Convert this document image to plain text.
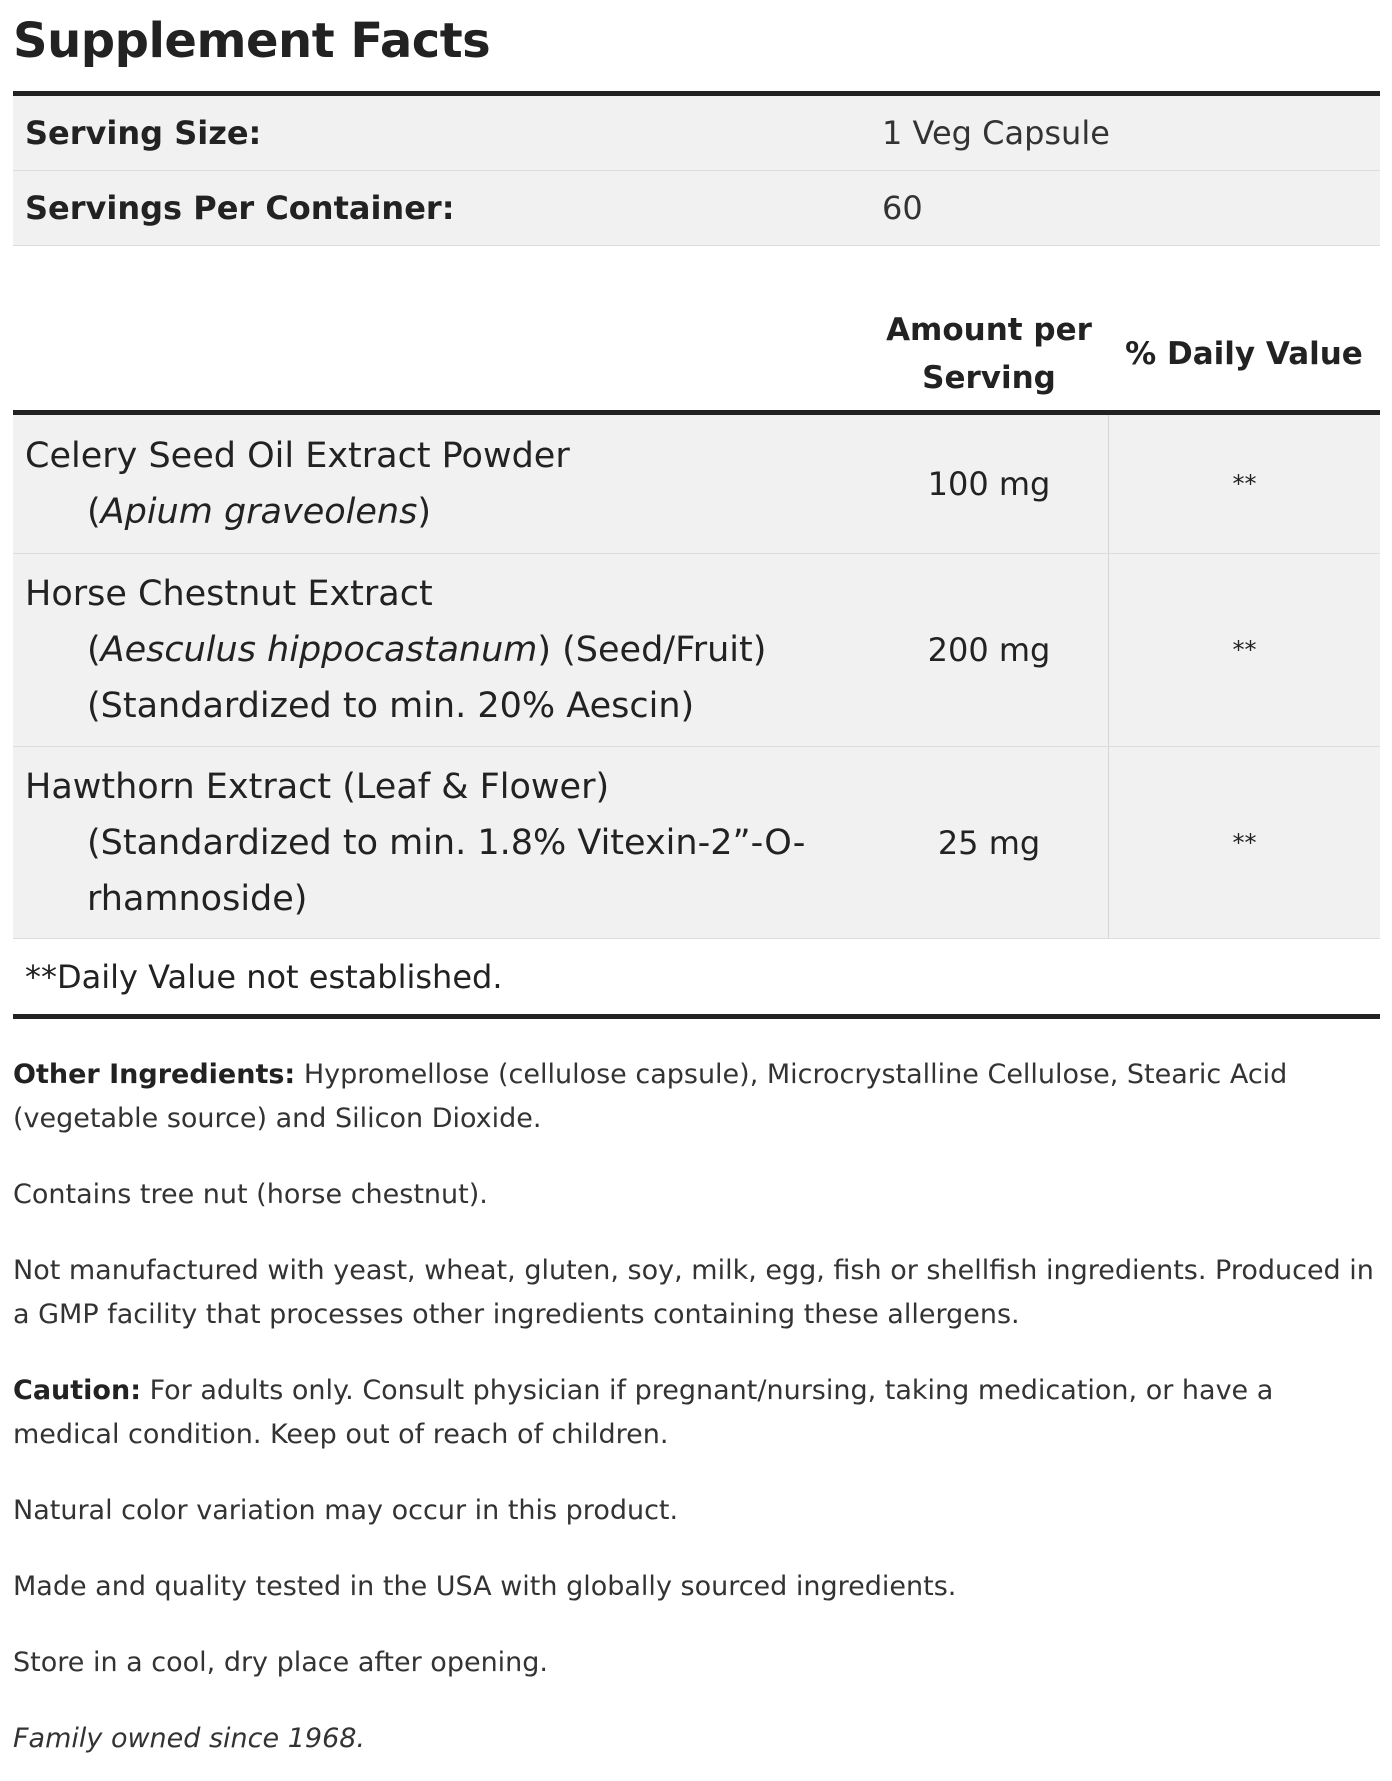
Supplement Facts
Serving Size:	1 Veg Capsule
Servings Per Container:	60
Amount per
Serving
% Daily Value
Celery Seed Oil Extract Powder
(Apium graveolens)
100 mg	**
Horse Chestnut Extract
(Aesculus hippocastanum) (Seed/Fruit)
(Standardized to min. 20% Aescin)
200 mg	**
Hawthorn Extract (Leaf & Flower)
(Standardized to min. 1.8% Vitexin-2”-O-
rhamnoside)
25 mg	**
**Daily Value not established.

Other Ingredients: Hypromellose (cellulose capsule), Microcrystalline Cellulose, Stearic Acid (vegetable source) and Silicon Dioxide.

Contains tree nut (horse chestnut).

Not manufactured with yeast, wheat, gluten, soy, milk, egg, fish or shellfish ingredients. Produced in a GMP facility that processes other ingredients containing these allergens.

Caution: For adults only. Consult physician if pregnant/nursing, taking medication, or have a medical condition. Keep out of reach of children.

Natural color variation may occur in this product.

Made and quality tested in the USA with globally sourced ingredients.

Store in a cool, dry place after opening.

Family owned since 1968.
